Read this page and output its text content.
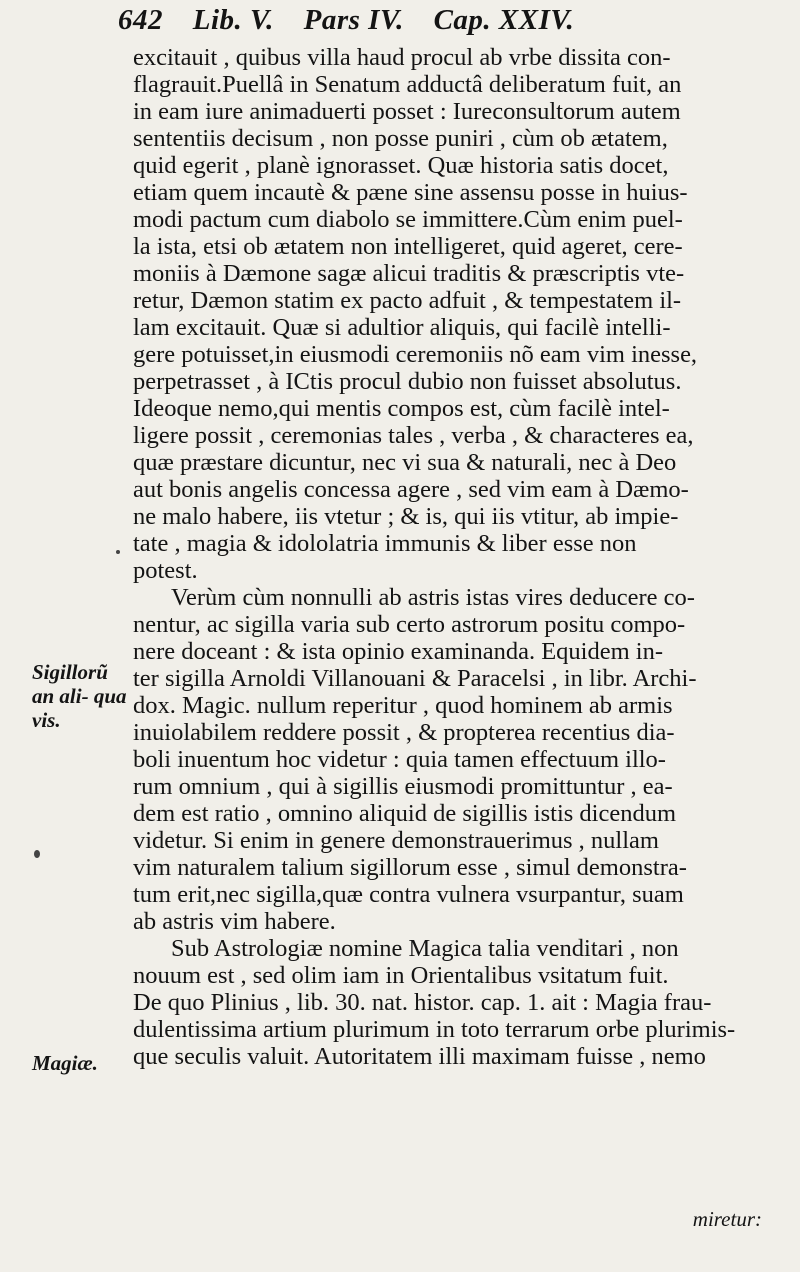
642 Lib. V. Pars IV. Cap. XXIV.
Sigillorũ an ali- qua vis.
Magiæ.
excitauit , quibus villa haud procul ab vrbe dissita con-
flagrauit.Puellâ in Senatum adductâ deliberatum fuit, an
in eam iure animaduerti posset : Iureconsultorum autem
sententiis decisum , non posse puniri , cùm ob ætatem,
quid egerit , planè ignorasset. Quæ historia satis docet,
etiam quem incautè & pæne sine assensu posse in huius-
modi pactum cum diabolo se immittere.Cùm enim puel-
la ista, etsi ob ætatem non intelligeret, quid ageret, cere-
moniis à Dæmone sagæ alicui traditis & præscriptis vte-
retur, Dæmon statim ex pacto adfuit , & tempestatem il-
lam excitauit. Quæ si adultior aliquis, qui facilè intelli-
gere potuisset,in eiusmodi ceremoniis nõ eam vim inesse,
perpetrasset , à ICtis procul dubio non fuisset absolutus.
Ideoque nemo,qui mentis compos est, cùm facilè intel-
ligere possit , ceremonias tales , verba , & characteres ea,
quæ præstare dicuntur, nec vi sua & naturali, nec à Deo
aut bonis angelis concessa agere , sed vim eam à Dæmo-
ne malo habere, iis vtetur ; & is, qui iis vtitur, ab impie-
tate , magia & idololatria immunis & liber esse non
potest.
Verùm cùm nonnulli ab astris istas vires deducere co-
nentur, ac sigilla varia sub certo astrorum positu compo-
nere doceant : & ista opinio examinanda. Equidem in-
ter sigilla Arnoldi Villanouani & Paracelsi , in libr. Archi-
dox. Magic. nullum reperitur , quod hominem ab armis
inuiolabilem reddere possit , & propterea recentius dia-
boli inuentum hoc videtur : quia tamen effectuum illo-
rum omnium , qui à sigillis eiusmodi promittuntur , ea-
dem est ratio , omnino aliquid de sigillis istis dicendum
videtur. Si enim in genere demonstrauerimus , nullam
vim naturalem talium sigillorum esse , simul demonstra-
tum erit,nec sigilla,quæ contra vulnera vsurpantur, suam
ab astris vim habere.
Sub Astrologiæ nomine Magica talia venditari , non
nouum est , sed olim iam in Orientalibus vsitatum fuit.
De quo Plinius , lib. 30. nat. histor. cap. 1. ait : Magia frau-
dulentissima artium plurimum in toto terrarum orbe plurimis-
que seculis valuit. Autoritatem illi maximam fuisse , nemo
miretur:
